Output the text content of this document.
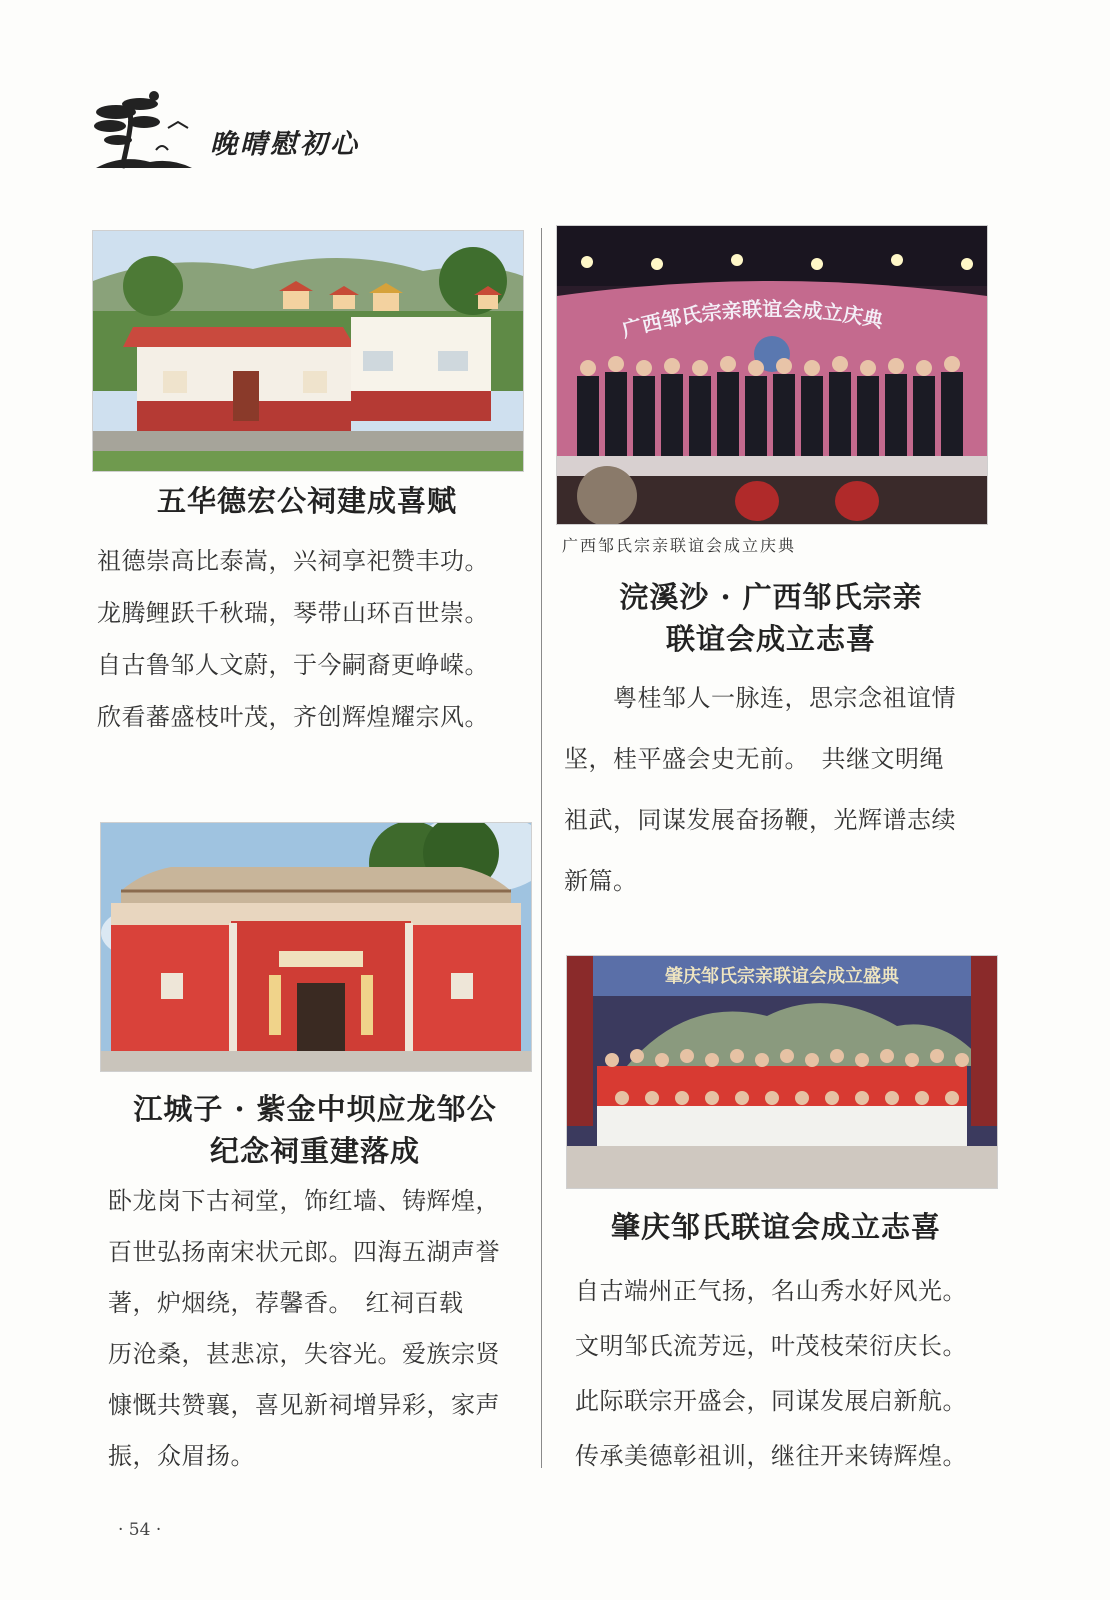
晚晴慰初心
五华德宏公祠建成喜赋
祖德崇高比泰嵩，兴祠享祀赞丰功。
龙腾鲤跃千秋瑞，琴带山环百世崇。
自古鲁邹人文蔚，于今嗣裔更峥嵘。
欣看蕃盛枝叶茂，齐创辉煌耀宗风。
江城子 · 紫金中坝应龙邹公
纪念祠重建落成
卧龙岗下古祠堂，饰红墙、铸辉煌，
百世弘扬南宋状元郎。四海五湖声誉
著，炉烟绕，荐馨香。　红祠百载
历沧桑，甚悲凉，失容光。爱族宗贤
慷慨共赞襄，喜见新祠增异彩，家声
振，众眉扬。
广西邹氏宗亲联谊会成立庆典
广西邹氏宗亲联谊会成立庆典
浣溪沙 · 广西邹氏宗亲
联谊会成立志喜
　　粤桂邹人一脉连，思宗念祖谊情
坚，桂平盛会史无前。　共继文明绳
祖武，同谋发展奋扬鞭，光辉谱志续
新篇。
肇庆邹氏宗亲联谊会成立盛典
肇庆邹氏联谊会成立志喜
自古端州正气扬，名山秀水好风光。
文明邹氏流芳远，叶茂枝荣衍庆长。
此际联宗开盛会，同谋发展启新航。
传承美德彰祖训，继往开来铸辉煌。
· 54 ·
